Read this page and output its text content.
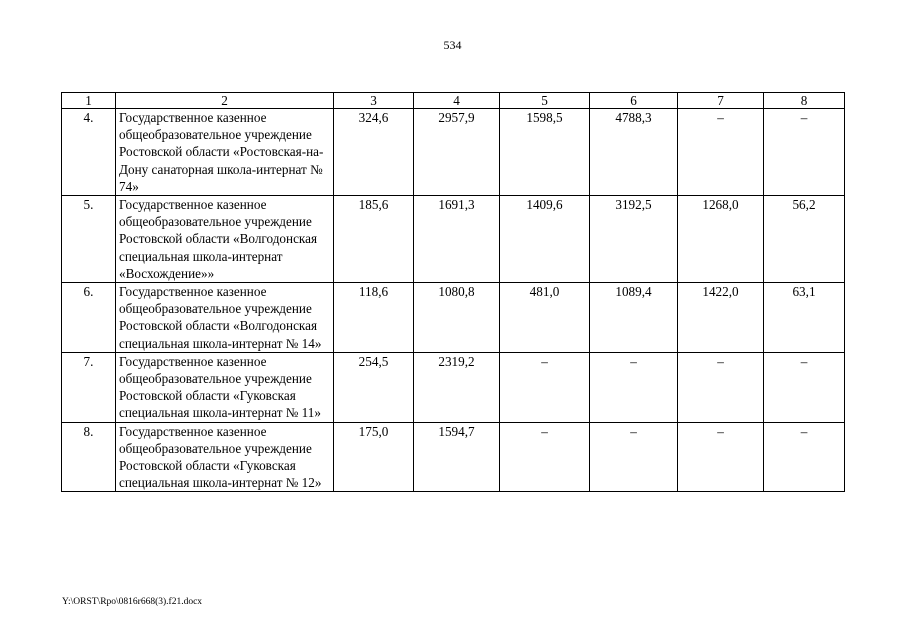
534
1	2	3	4	5	6	7	8
4.	Государственное казенное общеобразовательное учреждение Ростовской области «Ростовская-на-Дону санаторная школа-интернат № 74»	324,6	2957,9	1598,5	4788,3	–	–
5.	Государственное казенное общеобразовательное учреждение Ростовской области «Волгодонская специальная школа-интернат «Восхождение»»	185,6	1691,3	1409,6	3192,5	1268,0	56,2
6.	Государственное казенное общеобразовательное учреждение Ростовской области «Волгодонская специальная школа-интернат № 14»	118,6	1080,8	481,0	1089,4	1422,0	63,1
7.	Государственное казенное общеобразовательное учреждение Ростовской области «Гуковская специальная школа-интернат № 11»	254,5	2319,2	–	–	–	–
8.	Государственное казенное общеобразовательное учреждение Ростовской области «Гуковская специальная школа-интернат № 12»	175,0	1594,7	–	–	–	–
Y:\ORST\Rpo\0816r668(3).f21.docx
